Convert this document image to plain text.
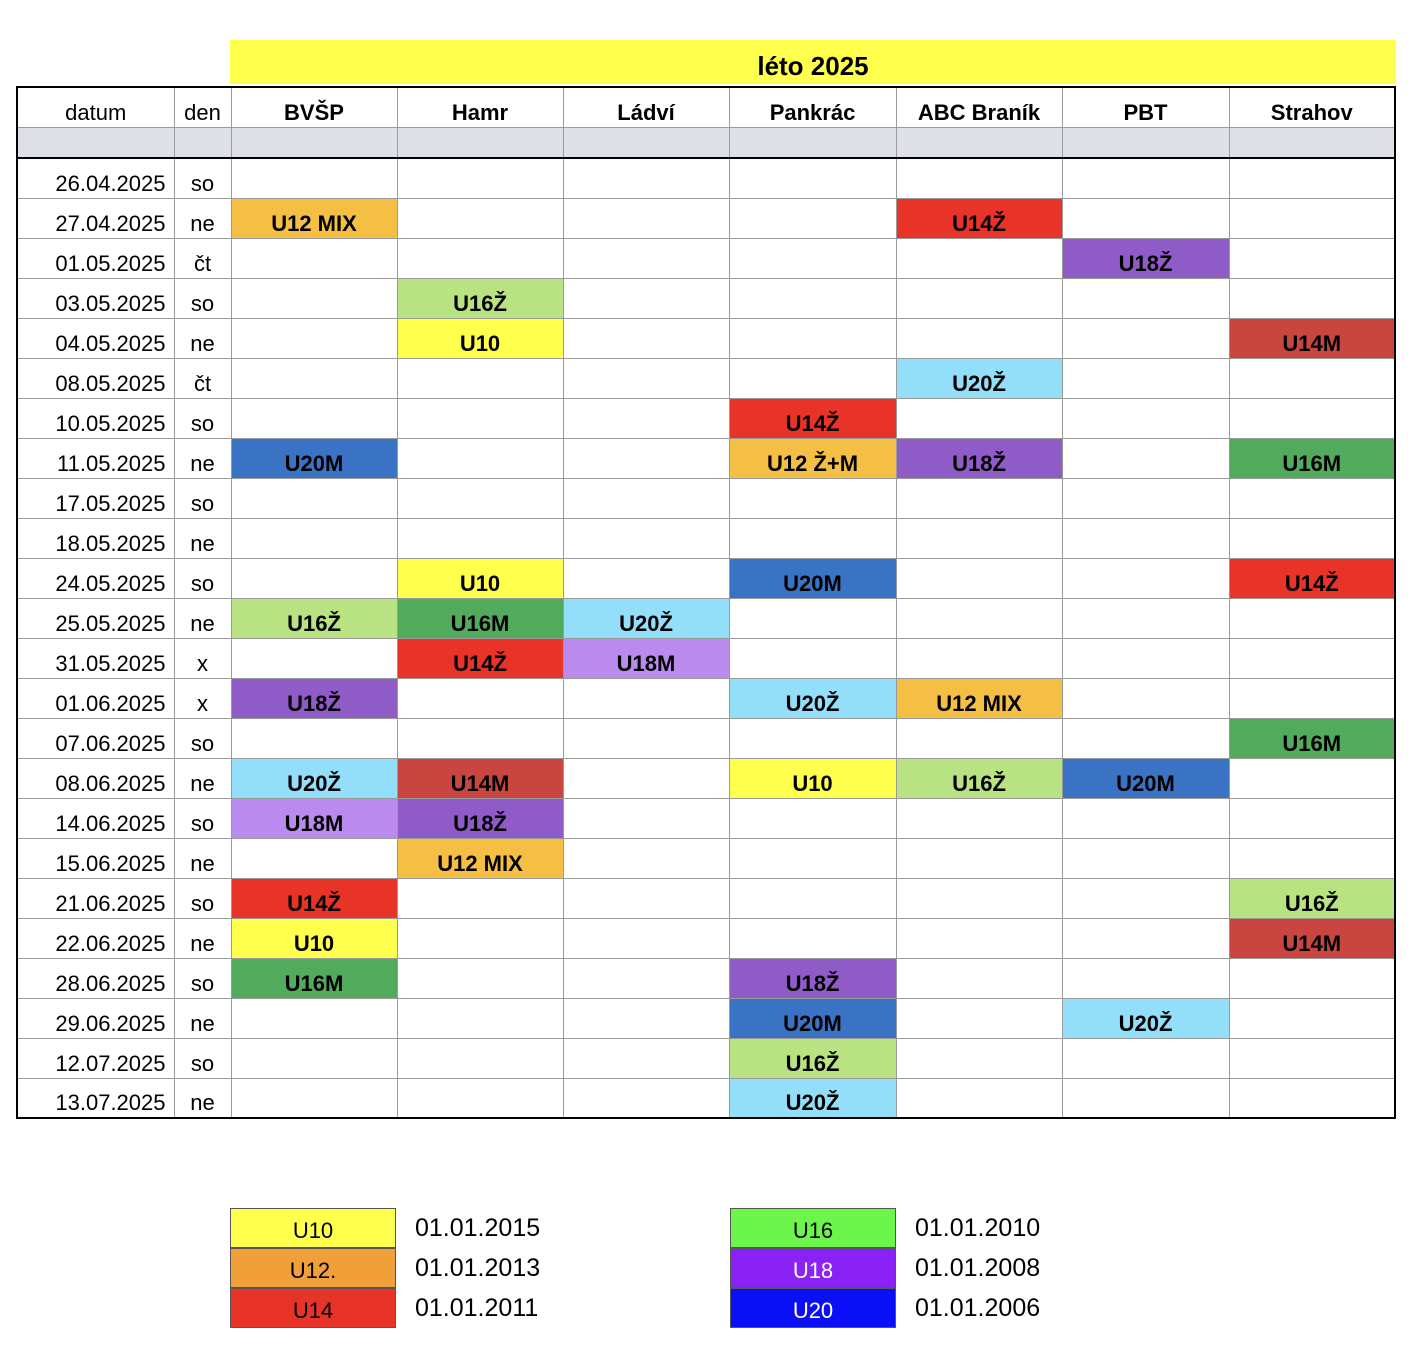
léto 2025
datum	den	BVŠP	Hamr	Ládví	Pankrác	ABC Braník	PBT	Strahov

26.04.2025	so							
27.04.2025	ne	U12 MIX				U14Ž		
01.05.2025	čt						U18Ž	
03.05.2025	so		U16Ž					
04.05.2025	ne		U10					U14M
08.05.2025	čt					U20Ž		
10.05.2025	so				U14Ž			
11.05.2025	ne	U20M			U12 Ž+M	U18Ž		U16M
17.05.2025	so							
18.05.2025	ne							
24.05.2025	so		U10		U20M			U14Ž
25.05.2025	ne	U16Ž	U16M	U20Ž				
31.05.2025	x		U14Ž	U18M				
01.06.2025	x	U18Ž			U20Ž	U12 MIX		
07.06.2025	so							U16M
08.06.2025	ne	U20Ž	U14M		U10	U16Ž	U20M	
14.06.2025	so	U18M	U18Ž					
15.06.2025	ne		U12 MIX					
21.06.2025	so	U14Ž						U16Ž
22.06.2025	ne	U10						U14M
28.06.2025	so	U16M			U18Ž			
29.06.2025	ne				U20M		U20Ž	
12.07.2025	so				U16Ž			
13.07.2025	ne				U20Ž			
U10	01.01.2015
U12.	01.01.2013
U14	01.01.2011
U16	01.01.2010
U18	01.01.2008
U20	01.01.2006
